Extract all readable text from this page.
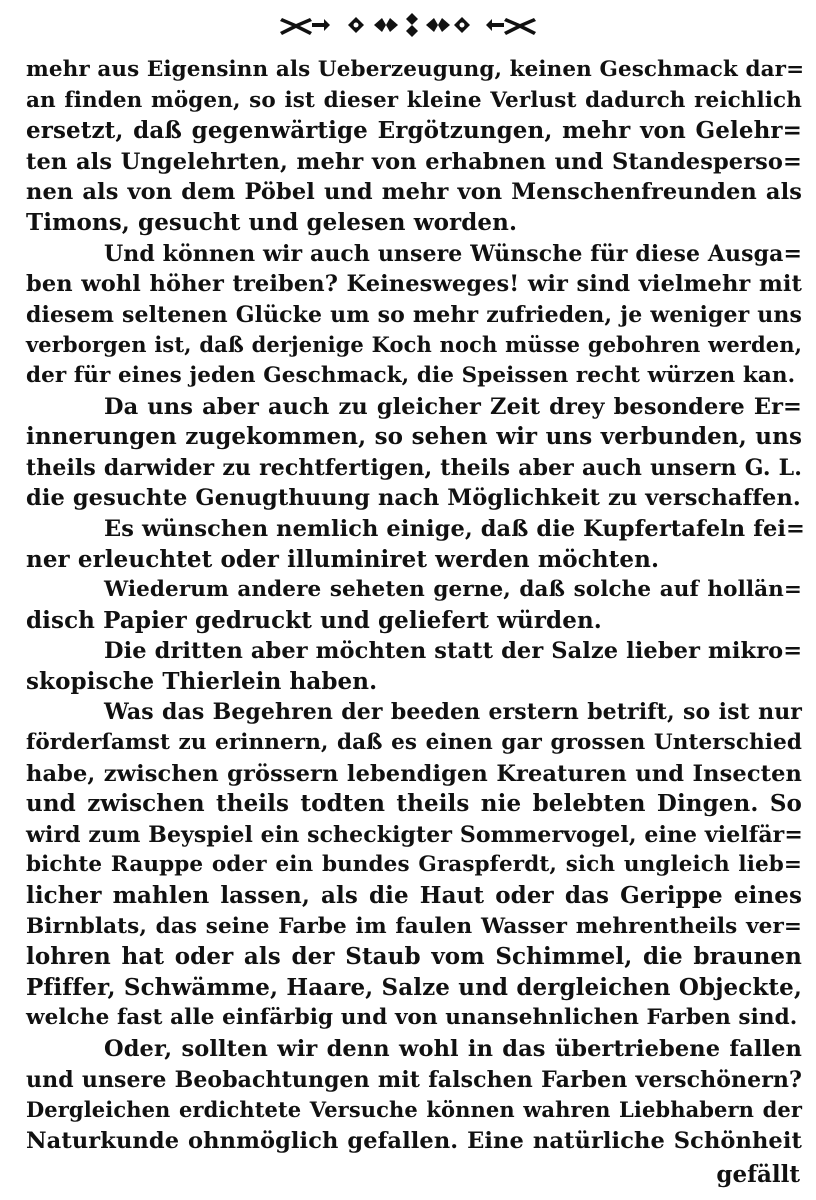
mehr aus Eigensinn als Ueberzeugung, keinen Geschmack dar=
an finden mögen, so ist dieser kleine Verlust dadurch reichlich
ersetzt, daß gegenwärtige Ergötzungen, mehr von Gelehr=
ten als Ungelehrten, mehr von erhabnen und Standesperso=
nen als von dem Pöbel und mehr von Menschenfreunden als
Timons, gesucht und gelesen worden.

Und können wir auch unsere Wünsche für diese Ausga=
ben wohl höher treiben? Keinesweges! wir sind vielmehr mit
diesem seltenen Glücke um so mehr zufrieden, je weniger uns
verborgen ist, daß derjenige Koch noch müsse gebohren werden,
der für eines jeden Geschmack, die Speissen recht würzen kan.

Da uns aber auch zu gleicher Zeit drey besondere Er=
innerungen zugekommen, so sehen wir uns verbunden, uns
theils darwider zu rechtfertigen, theils aber auch unsern G. L.
die gesuchte Genugthuung nach Möglichkeit zu verschaffen.

Es wünschen nemlich einige, daß die Kupfertafeln fei=
ner erleuchtet oder illuminiret werden möchten.

Wiederum andere seheten gerne, daß solche auf hollän=
disch Papier gedruckt und geliefert würden.

Die dritten aber möchten statt der Salze lieber mikro=
skopische Thierlein haben.

Was das Begehren der beeden erstern betrift, so ist nur
förderſamst zu erinnern, daß es einen gar grossen Unterschied
habe, zwischen grössern lebendigen Kreaturen und Insecten
und zwischen theils todten theils nie belebten Dingen. So
wird zum Beyspiel ein scheckigter Sommervogel, eine vielfär=
bichte Rauppe oder ein bundes Graspferdt, sich ungleich lieb=
licher mahlen lassen, als die Haut oder das Gerippe eines
Birnblats, das seine Farbe im faulen Wasser mehrentheils ver=
lohren hat oder als der Staub vom Schimmel, die braunen
Pfiffer, Schwämme, Haare, Salze und dergleichen Objeckte,
welche fast alle einfärbig und von unansehnlichen Farben sind.

Oder, sollten wir denn wohl in das übertriebene fallen
und unsere Beobachtungen mit falschen Farben verschönern?
Dergleichen erdichtete Versuche können wahren Liebhabern der
Naturkunde ohnmöglich gefallen. Eine natürliche Schönheit

gefällt
